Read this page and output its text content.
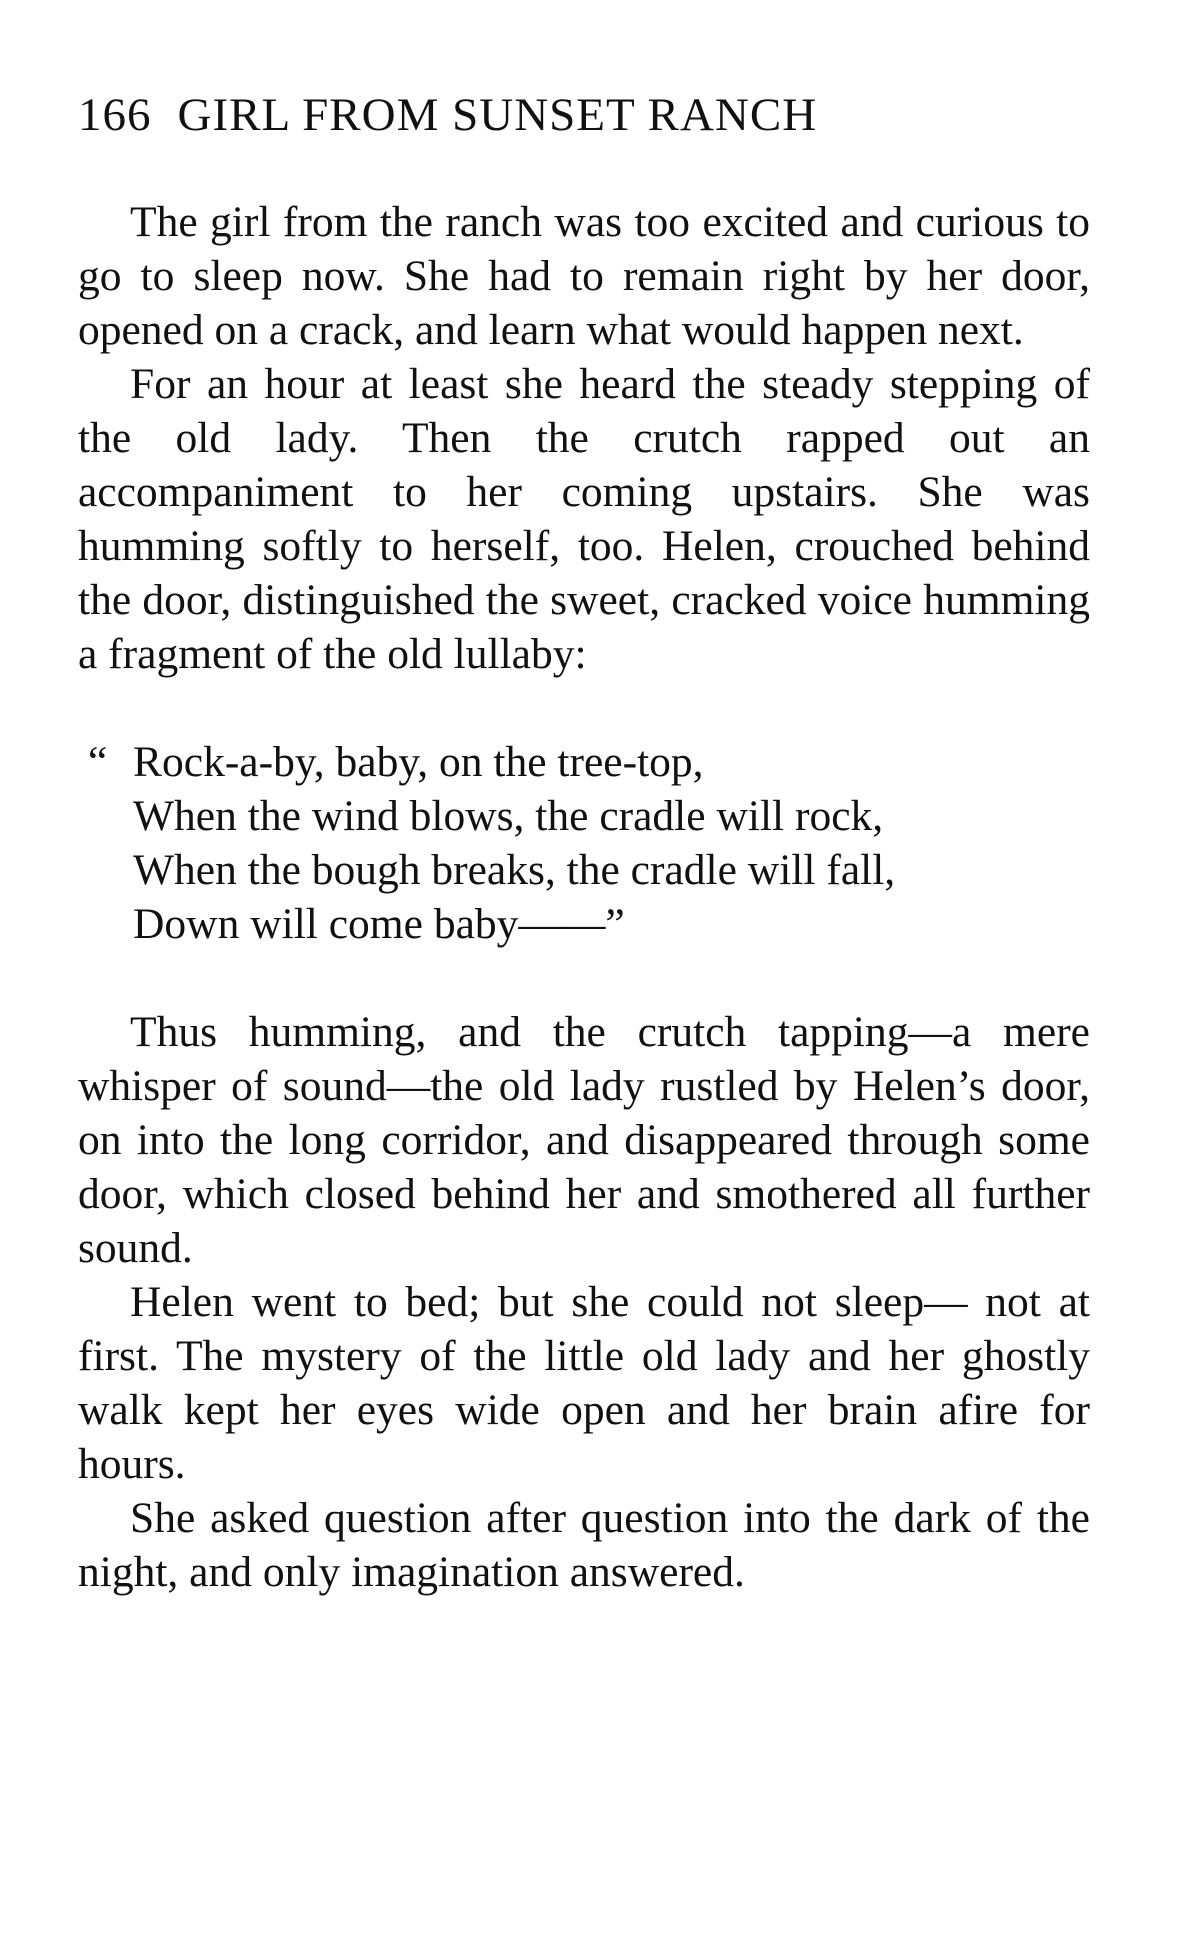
166 GIRL FROM SUNSET RANCH

The girl from the ranch was too excited and curious to go to sleep now. She had to remain right by her door, opened on a crack, and learn what would happen next.

For an hour at least she heard the steady stepping of the old lady. Then the crutch rapped out an accompaniment to her coming upstairs. She was humming softly to herself, too. Helen, crouched behind the door, distinguished the sweet, cracked voice humming a fragment of the old lullaby:

“ Rock-a-by, baby, on the tree-top,
When the wind blows, the cradle will rock,
When the bough breaks, the cradle will fall,
Down will come baby——”

Thus humming, and the crutch tapping—a mere whisper of sound—the old lady rustled by Helen’s door, on into the long corridor, and disappeared through some door, which closed behind her and smothered all further sound.

Helen went to bed; but she could not sleep— not at first. The mystery of the little old lady and her ghostly walk kept her eyes wide open and her brain afire for hours.

She asked question after question into the dark of the night, and only imagination answered.
